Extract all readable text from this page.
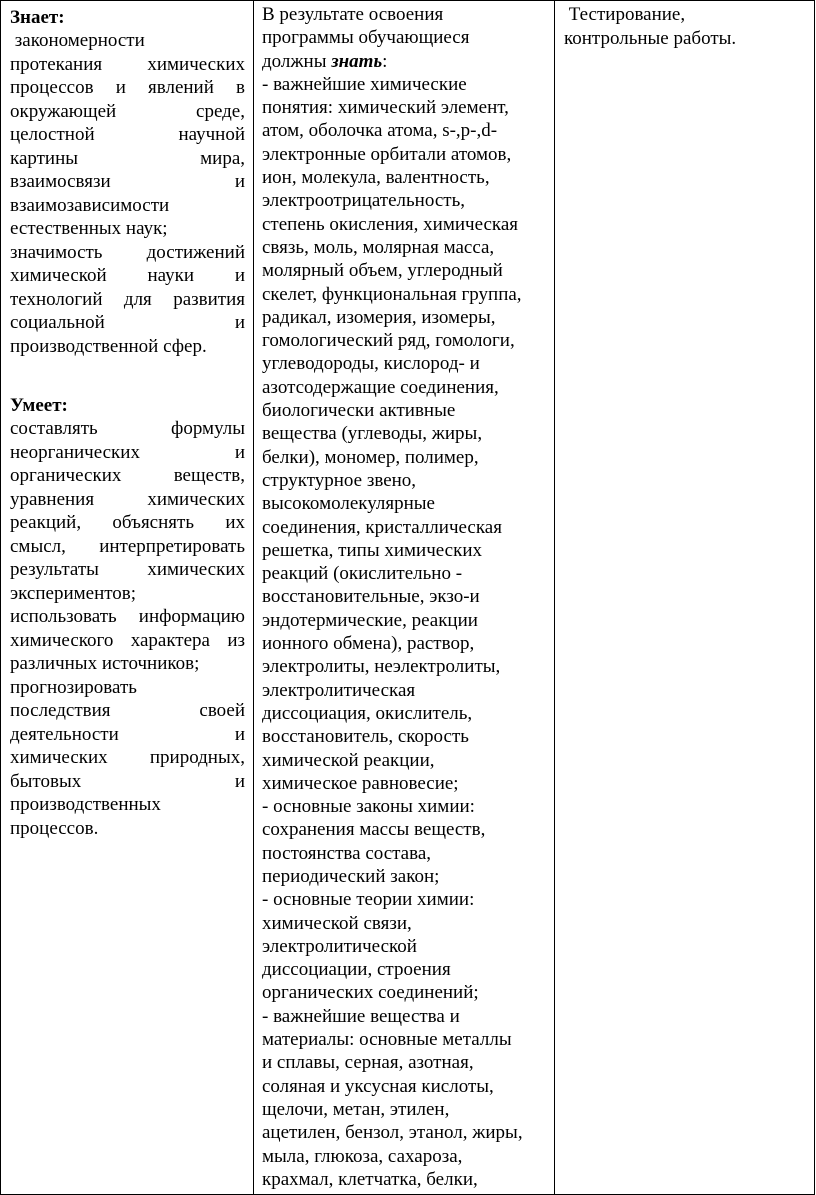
Знает:
закономерности
протекания химических
процессов и явлений в
окружающей среде,
целостной научной
картины мира,
взаимосвязи и
взаимозависимости
естественных наук;
значимость достижений
химической науки и
технологий для развития
социальной и
производственной сфер.
Умеет:
составлять формулы
неорганических и
органических веществ,
уравнения химических
реакций, объяснять их
смысл, интерпретировать
результаты химических
экспериментов;
использовать информацию
химического характера из
различных источников;
прогнозировать
последствия своей
деятельности и
химических природных,
бытовых и
производственных
процессов.

В результате освоения
программы обучающиеся
должны знать:
- важнейшие химические
понятия: химический элемент,
атом, оболочка атома, s-,p-,d-
электронные орбитали атомов,
ион, молекула, валентность,
электроотрицательность,
степень окисления, химическая
связь, моль, молярная масса,
молярный объем, углеродный
скелет, функциональная группа,
радикал, изомерия, изомеры,
гомологический ряд, гомологи,
углеводороды, кислород- и
азотсодержащие соединения,
биологически активные
вещества (углеводы, жиры,
белки), мономер, полимер,
структурное звено,
высокомолекулярные
соединения, кристаллическая
решетка, типы химических
реакций (окислительно -
восстановительные, экзо-и
эндотермические, реакции
ионного обмена), раствор,
электролиты, неэлектролиты,
электролитическая
диссоциация, окислитель,
восстановитель, скорость
химической реакции,
химическое равновесие;
- основные законы химии:
сохранения массы веществ,
постоянства состава,
периодический закон;
- основные теории химии:
химической связи,
электролитической
диссоциации, строения
органических соединений;
- важнейшие вещества и
материалы: основные металлы
и сплавы, серная, азотная,
соляная и уксусная кислоты,
щелочи, метан, этилен,
ацетилен, бензол, этанол, жиры,
мыла, глюкоза, сахароза,
крахмал, клетчатка, белки,

Тестирование,
контрольные работы.
